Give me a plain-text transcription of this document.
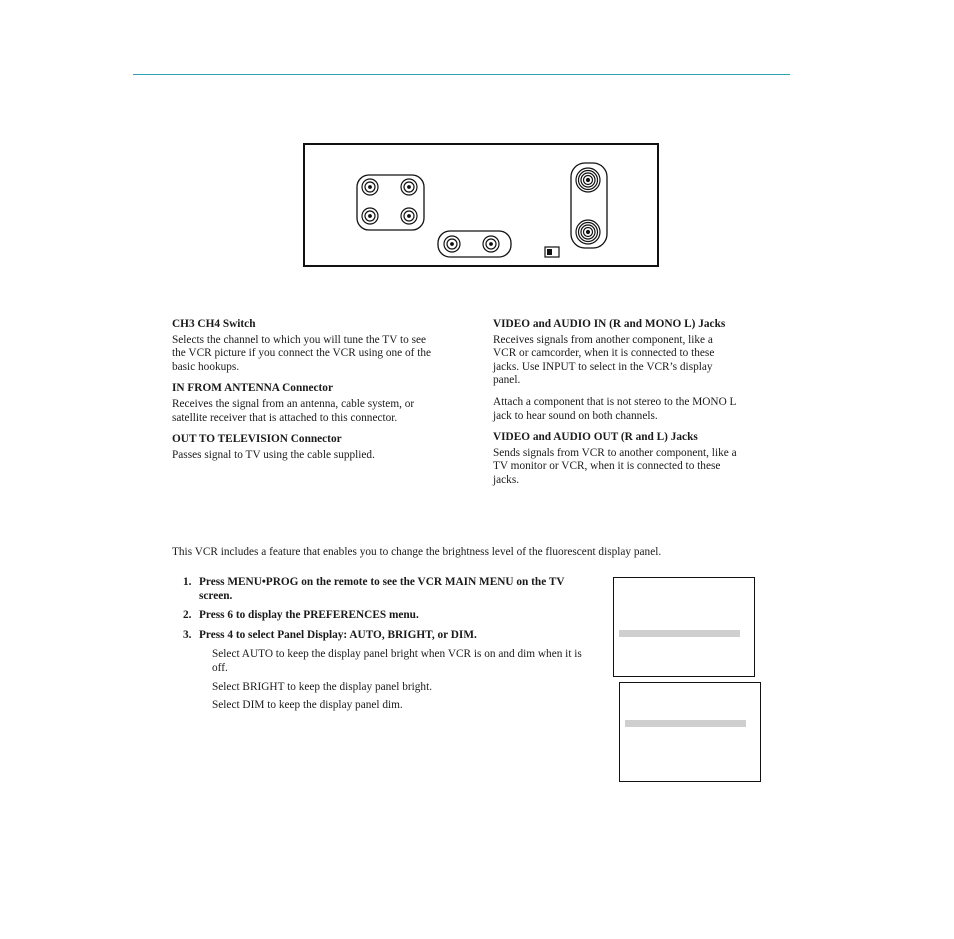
CH3 CH4 Switch

Selects the channel to which you will tune the TV to see the VCR picture if you connect the VCR using one of the basic hookups.

IN FROM ANTENNA Connector

Receives the signal from an antenna, cable system, or satellite receiver that is attached to this connector.

OUT TO TELEVISION Connector

Passes signal to TV using the cable supplied.

VIDEO and AUDIO IN (R and MONO L) Jacks

Receives signals from another component, like a VCR or camcorder, when it is connected to these jacks. Use INPUT to select in the VCR’s display panel.

Attach a component that is not stereo to the MONO L jack to hear sound on both channels.

VIDEO and AUDIO OUT (R and L) Jacks

Sends signals from VCR to another component, like a TV monitor or VCR, when it is connected to these jacks.

This VCR includes a feature that enables you to change the brightness level of the fluorescent display panel.
1. Press MENU•PROG on the remote to see the VCR MAIN MENU on the TV screen.
2. Press 6 to display the PREFERENCES menu.
3. Press 4 to select Panel Display: AUTO, BRIGHT, or DIM.

Select AUTO to keep the display panel bright when VCR is on and dim when it is off.

Select BRIGHT to keep the display panel bright.

Select DIM to keep the display panel dim.
